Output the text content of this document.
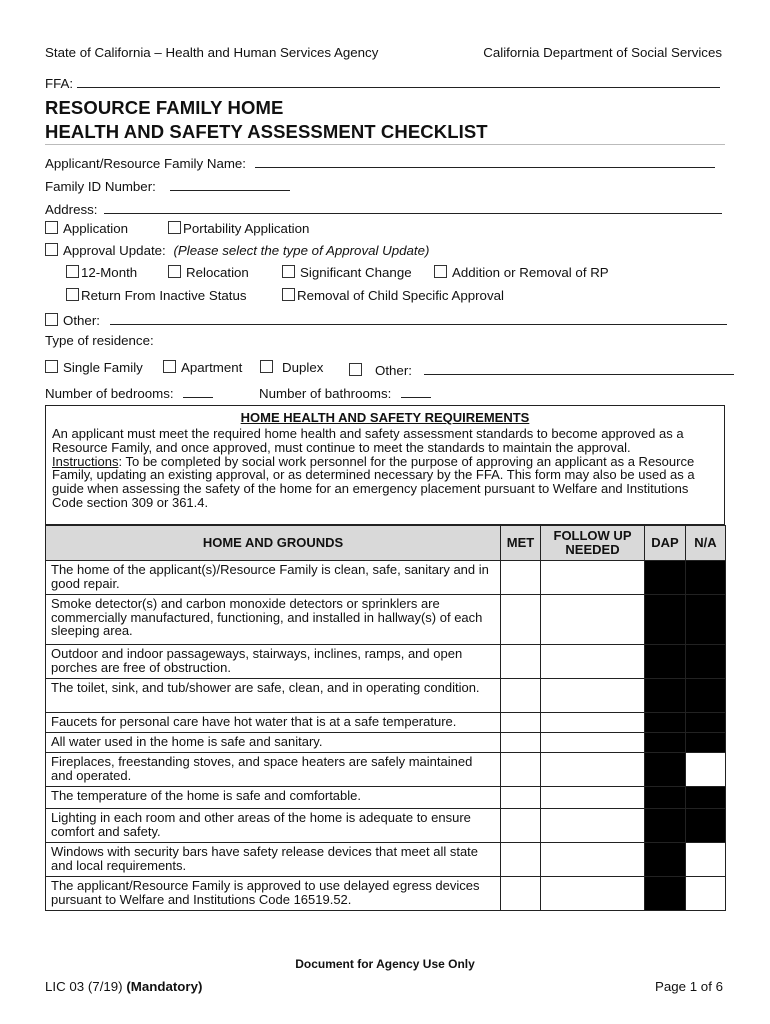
State of California – Health and Human Services Agency	California Department of Social Services
FFA:
RESOURCE FAMILY HOME
HEALTH AND SAFETY ASSESSMENT CHECKLIST
Applicant/Resource Family Name:
Family ID Number:
Address:
Application	Portability Application
Approval Update: (Please select the type of Approval Update)
12-Month	Relocation	Significant Change	Addition or Removal of RP
Return From Inactive Status	Removal of Child Specific Approval
Other:
Type of residence:
Single Family	Apartment	Duplex	Other:
Number of bedrooms:	Number of bathrooms:
HOME HEALTH AND SAFETY REQUIREMENTS
An applicant must meet the required home health and safety assessment standards to become approved as a Resource Family, and once approved, must continue to meet the standards to maintain the approval.
Instructions: To be completed by social work personnel for the purpose of approving an applicant as a Resource Family, updating an existing approval, or as determined necessary by the FFA. This form may also be used as a guide when assessing the safety of the home for an emergency placement pursuant to Welfare and Institutions Code section 309 or 361.4.
HOME AND GROUNDS	MET	FOLLOW UP NEEDED	DAP	N/A
The home of the applicant(s)/Resource Family is clean, safe, sanitary and in good repair.				
Smoke detector(s) and carbon monoxide detectors or sprinklers are commercially manufactured, functioning, and installed in hallway(s) of each sleeping area.				
Outdoor and indoor passageways, stairways, inclines, ramps, and open porches are free of obstruction.				
The toilet, sink, and tub/shower are safe, clean, and in operating condition.				
Faucets for personal care have hot water that is at a safe temperature.				
All water used in the home is safe and sanitary.				
Fireplaces, freestanding stoves, and space heaters are safely maintained and operated.				
The temperature of the home is safe and comfortable.				
Lighting in each room and other areas of the home is adequate to ensure comfort and safety.				
Windows with security bars have safety release devices that meet all state and local requirements.				
The applicant/Resource Family is approved to use delayed egress devices pursuant to Welfare and Institutions Code 16519.52.				
Document for Agency Use Only
LIC 03 (7/19) (Mandatory)	Page 1 of 6
